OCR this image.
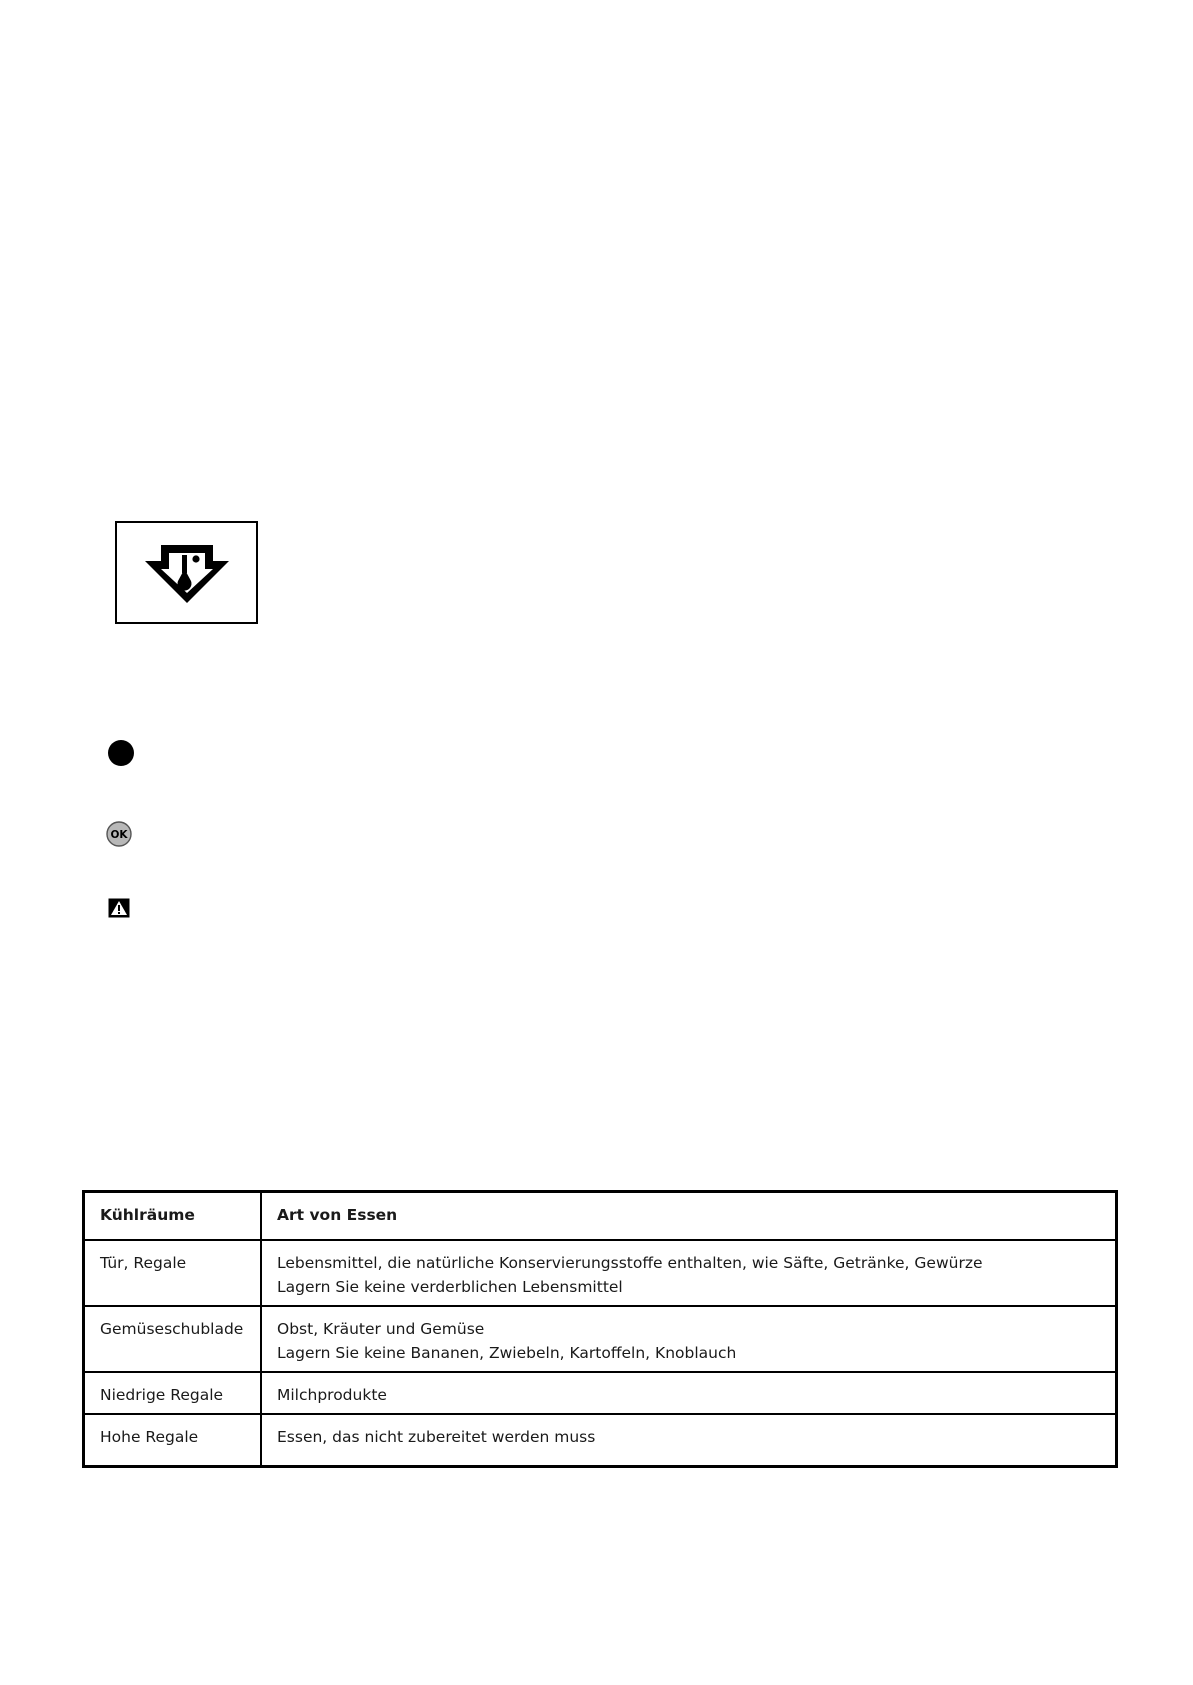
OK
Kühlräume	Art von Essen
Tür, Regale	Lebensmittel, die natürliche Konservierungsstoffe enthalten, wie Säfte, Getränke, Gewürze
Lagern Sie keine verderblichen Lebensmittel

Gemüseschublade	Obst, Kräuter und Gemüse
Lagern Sie keine Bananen, Zwiebeln, Kartoffeln, Knoblauch

Niedrige Regale	Milchprodukte

Hohe Regale	Essen, das nicht zubereitet werden muss
